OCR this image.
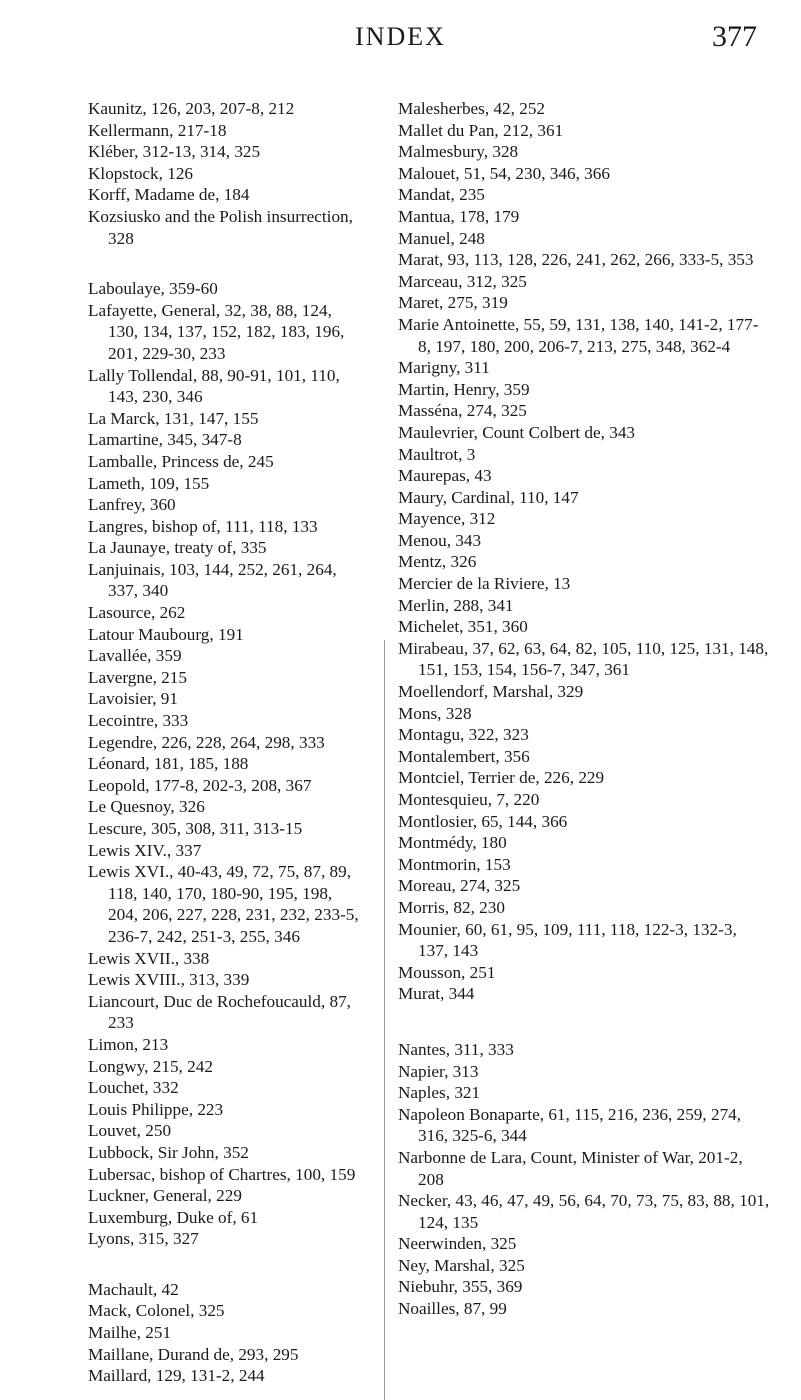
INDEX	377
Kaunitz, 126, 203, 207-8, 212
Kellermann, 217-18
Kléber, 312-13, 314, 325
Klopstock, 126
Korff, Madame de, 184
Kozsiusko and the Polish insurrection, 328
Laboulaye, 359-60
Lafayette, General, 32, 38, 88, 124, 130, 134, 137, 152, 182, 183, 196, 201, 229-30, 233
Lally Tollendal, 88, 90-91, 101, 110, 143, 230, 346
La Marck, 131, 147, 155
Lamartine, 345, 347-8
Lamballe, Princess de, 245
Lameth, 109, 155
Lanfrey, 360
Langres, bishop of, 111, 118, 133
La Jaunaye, treaty of, 335
Lanjuinais, 103, 144, 252, 261, 264, 337, 340
Lasource, 262
Latour Maubourg, 191
Lavallée, 359
Lavergne, 215
Lavoisier, 91
Lecointre, 333
Legendre, 226, 228, 264, 298, 333
Léonard, 181, 185, 188
Leopold, 177-8, 202-3, 208, 367
Le Quesnoy, 326
Lescure, 305, 308, 311, 313-15
Lewis XIV., 337
Lewis XVI., 40-43, 49, 72, 75, 87, 89, 118, 140, 170, 180-90, 195, 198, 204, 206, 227, 228, 231, 232, 233-5, 236-7, 242, 251-3, 255, 346
Lewis XVII., 338
Lewis XVIII., 313, 339
Liancourt, Duc de Rochefoucauld, 87, 233
Limon, 213
Longwy, 215, 242
Louchet, 332
Louis Philippe, 223
Louvet, 250
Lubbock, Sir John, 352
Lubersac, bishop of Chartres, 100, 159
Luckner, General, 229
Luxemburg, Duke of, 61
Lyons, 315, 327
Machault, 42
Mack, Colonel, 325
Mailhe, 251
Maillane, Durand de, 293, 295
Maillard, 129, 131-2, 244
Malesherbes, 42, 252
Mallet du Pan, 212, 361
Malmesbury, 328
Malouet, 51, 54, 230, 346, 366
Mandat, 235
Mantua, 178, 179
Manuel, 248
Marat, 93, 113, 128, 226, 241, 262, 266, 333-5, 353
Marceau, 312, 325
Maret, 275, 319
Marie Antoinette, 55, 59, 131, 138, 140, 141-2, 177-8, 197, 180, 200, 206-7, 213, 275, 348, 362-4
Marigny, 311
Martin, Henry, 359
Masséna, 274, 325
Maulevrier, Count Colbert de, 343
Maultrot, 3
Maurepas, 43
Maury, Cardinal, 110, 147
Mayence, 312
Menou, 343
Mentz, 326
Mercier de la Riviere, 13
Merlin, 288, 341
Michelet, 351, 360
Mirabeau, 37, 62, 63, 64, 82, 105, 110, 125, 131, 148, 151, 153, 154, 156-7, 347, 361
Moellendorf, Marshal, 329
Mons, 328
Montagu, 322, 323
Montalembert, 356
Montciel, Terrier de, 226, 229
Montesquieu, 7, 220
Montlosier, 65, 144, 366
Montmédy, 180
Montmorin, 153
Moreau, 274, 325
Morris, 82, 230
Mounier, 60, 61, 95, 109, 111, 118, 122-3, 132-3, 137, 143
Mousson, 251
Murat, 344
Nantes, 311, 333
Napier, 313
Naples, 321
Napoleon Bonaparte, 61, 115, 216, 236, 259, 274, 316, 325-6, 344
Narbonne de Lara, Count, Minister of War, 201-2, 208
Necker, 43, 46, 47, 49, 56, 64, 70, 73, 75, 83, 88, 101, 124, 135
Neerwinden, 325
Ney, Marshal, 325
Niebuhr, 355, 369
Noailles, 87, 99
